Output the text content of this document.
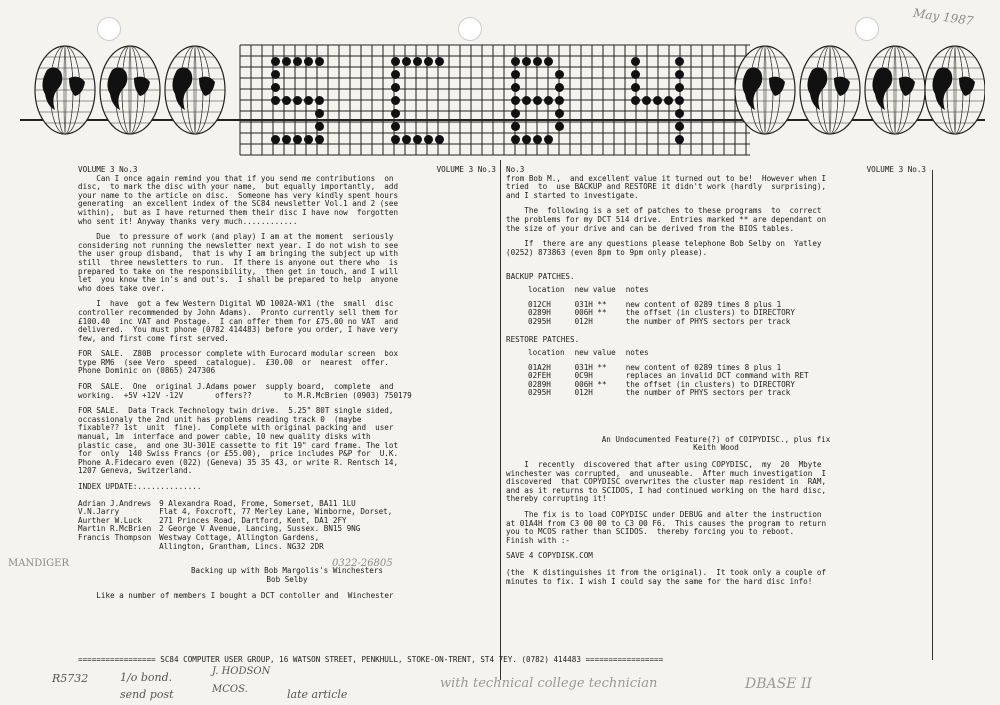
May 1987
MANDIGER	0322-26805
VOLUME 3 No.3	VOLUME 3 No.3

Can I once again remind you that if you send me contributions  on
disc,  to mark the disc with your name,  but equally importantly,  add
your name to the article on disc.  Someone has very kindly spent hours
generating  an excellent index of the SC84 newsletter Vol.1 and 2 (see
within),  but as I have returned them their disc I have now  forgotten
who sent it! Anyway thanks very much............

Due  to pressure of work (and play) I am at the moment  seriously
considering not running the newsletter next year. I do not wish to see
the user group disband,  that is why I am bringing the subject up with
still  three newsletters to run.  If there is anyone out there who  is
prepared to take on the responsibility,  then get in touch, and I will
let  you know the in's and out's.  I shall be prepared to help  anyone
who does take over.

I  have  got a few Western Digital WD 1002A-WX1 (the  small  disc
controller recommended by John Adams).  Pronto currently sell them for
£100.40  inc VAT and Postage.  I can offer them for £75.00 no VAT  and
delivered.  You must phone (0782 414483) before you order, I have very
few, and first come first served.

FOR  SALE.  Z80B  processor complete with Eurocard modular screen  box
type RM6  (see Vero  speed  catalogue).  £30.00  or  nearest  offer.
Phone Dominic on (0865) 247306

FOR  SALE.  One  original J.Adams power  supply board,  complete  and
working.  +5V +12V -12V       offers??       to M.R.McBrien (0903) 750179

FOR SALE.  Data Track Technology twin drive.  5.25" 80T single sided,
occassionaly the 2nd unit has problems reading track 0  (maybe
fixable?? 1st  unit  fine).  Complete with original packing and  user
manual, 1m  interface and power cable, 10 new quality disks with
plastic case,  and one 3U-301E cassette to fit 19" card frame. The lot
for  only  140 Swiss Francs (or £55.00),  price includes P&P for  U.K.
Phone A.Fidecaro even (022) (Geneva) 35 35 43, or write R. Rentsch 14,
1207 Geneva, Switzerland.

INDEX UPDATE:..............

Adrian J.Andrews	9 Alexandra Road, Frome, Somerset, BA11 1LU
V.N.Jarry	Flat 4, Foxcroft, 77 Merley Lane, Wimborne, Dorset,
Aurther W.Luck	271 Princes Road, Dartford, Kent, DA1 2FY
Martin R.McBrien	2 George V Avenue, Lancing, Sussex. BN15 9NG
Francis Thompson	Westway Cottage, Allington Gardens,
	Allington, Grantham, Lincs. NG32 2DR
Backing up with Bob Margolis's Winchesters
Bob Selby

Like a number of members I bought a DCT contoller and  Winchester

No.3	VOLUME 3 No.3

from Bob M.,  and excellent value it turned out to be!  However when I
tried  to  use BACKUP and RESTORE it didn't work (hardly  surprising),
and I started to investigate.

The  following is a set of patches to these programs  to  correct
the problems for my DCT 514 drive.  Entries marked ** are dependant on
the size of your drive and can be derived from the BIOS tables.

If  there are any questions please telephone Bob Selby on  Yatley
(0252) 873863 (even 8pm to 9pm only please).

BACKUP PATCHES.

location	new value	notes
012CH	031H **	new content of 0289 times 8 plus 1
0289H	006H **	the offset (in clusters) to DIRECTORY
0295H	012H	the number of PHYS sectors per track

RESTORE PATCHES.

location	new value	notes
01A2H	031H **	new content of 0289 times 8 plus 1
02FEH	0C9H	replaces an invalid DCT command with RET
0289H	006H **	the offset (in clusters) to DIRECTORY
0295H	012H	the number of PHYS sectors per track
An Undocumented Feature(?) of COIPYDISC., plus fix
Keith Wood

I  recently  discovered that after using COPYDISC,  my  20  Mbyte
winchester was corrupted,  and unuseable.  After much investigation  I
discovered  that COPYDISC overwrites the cluster map resident in  RAM,
and as it returns to SCIDOS, I had continued working on the hard disc,
thereby corrupting it!

The fix is to load COPYDISC under DEBUG and alter the instruction
at 01A4H from C3 00 00 to C3 00 F6.  This causes the program to return
you to MCOS rather than SCIDOS.  thereby forcing you to reboot.
Finish with :-

SAVE 4 COPYDISK.COM

(the  K distinguishes it from the original).  It took only a couple of
minutes to fix. I wish I could say the same for the hard disc info!

================= SC84 COMPUTER USER GROUP, 16 WATSON STREET, PENKHULL, STOKE-ON-TRENT, ST4 7EY. (0782) 414483 =================
R5732	1/o bond.	J. HODSON
send post	MCOS.	late article
with technical college technician	DBASE II
